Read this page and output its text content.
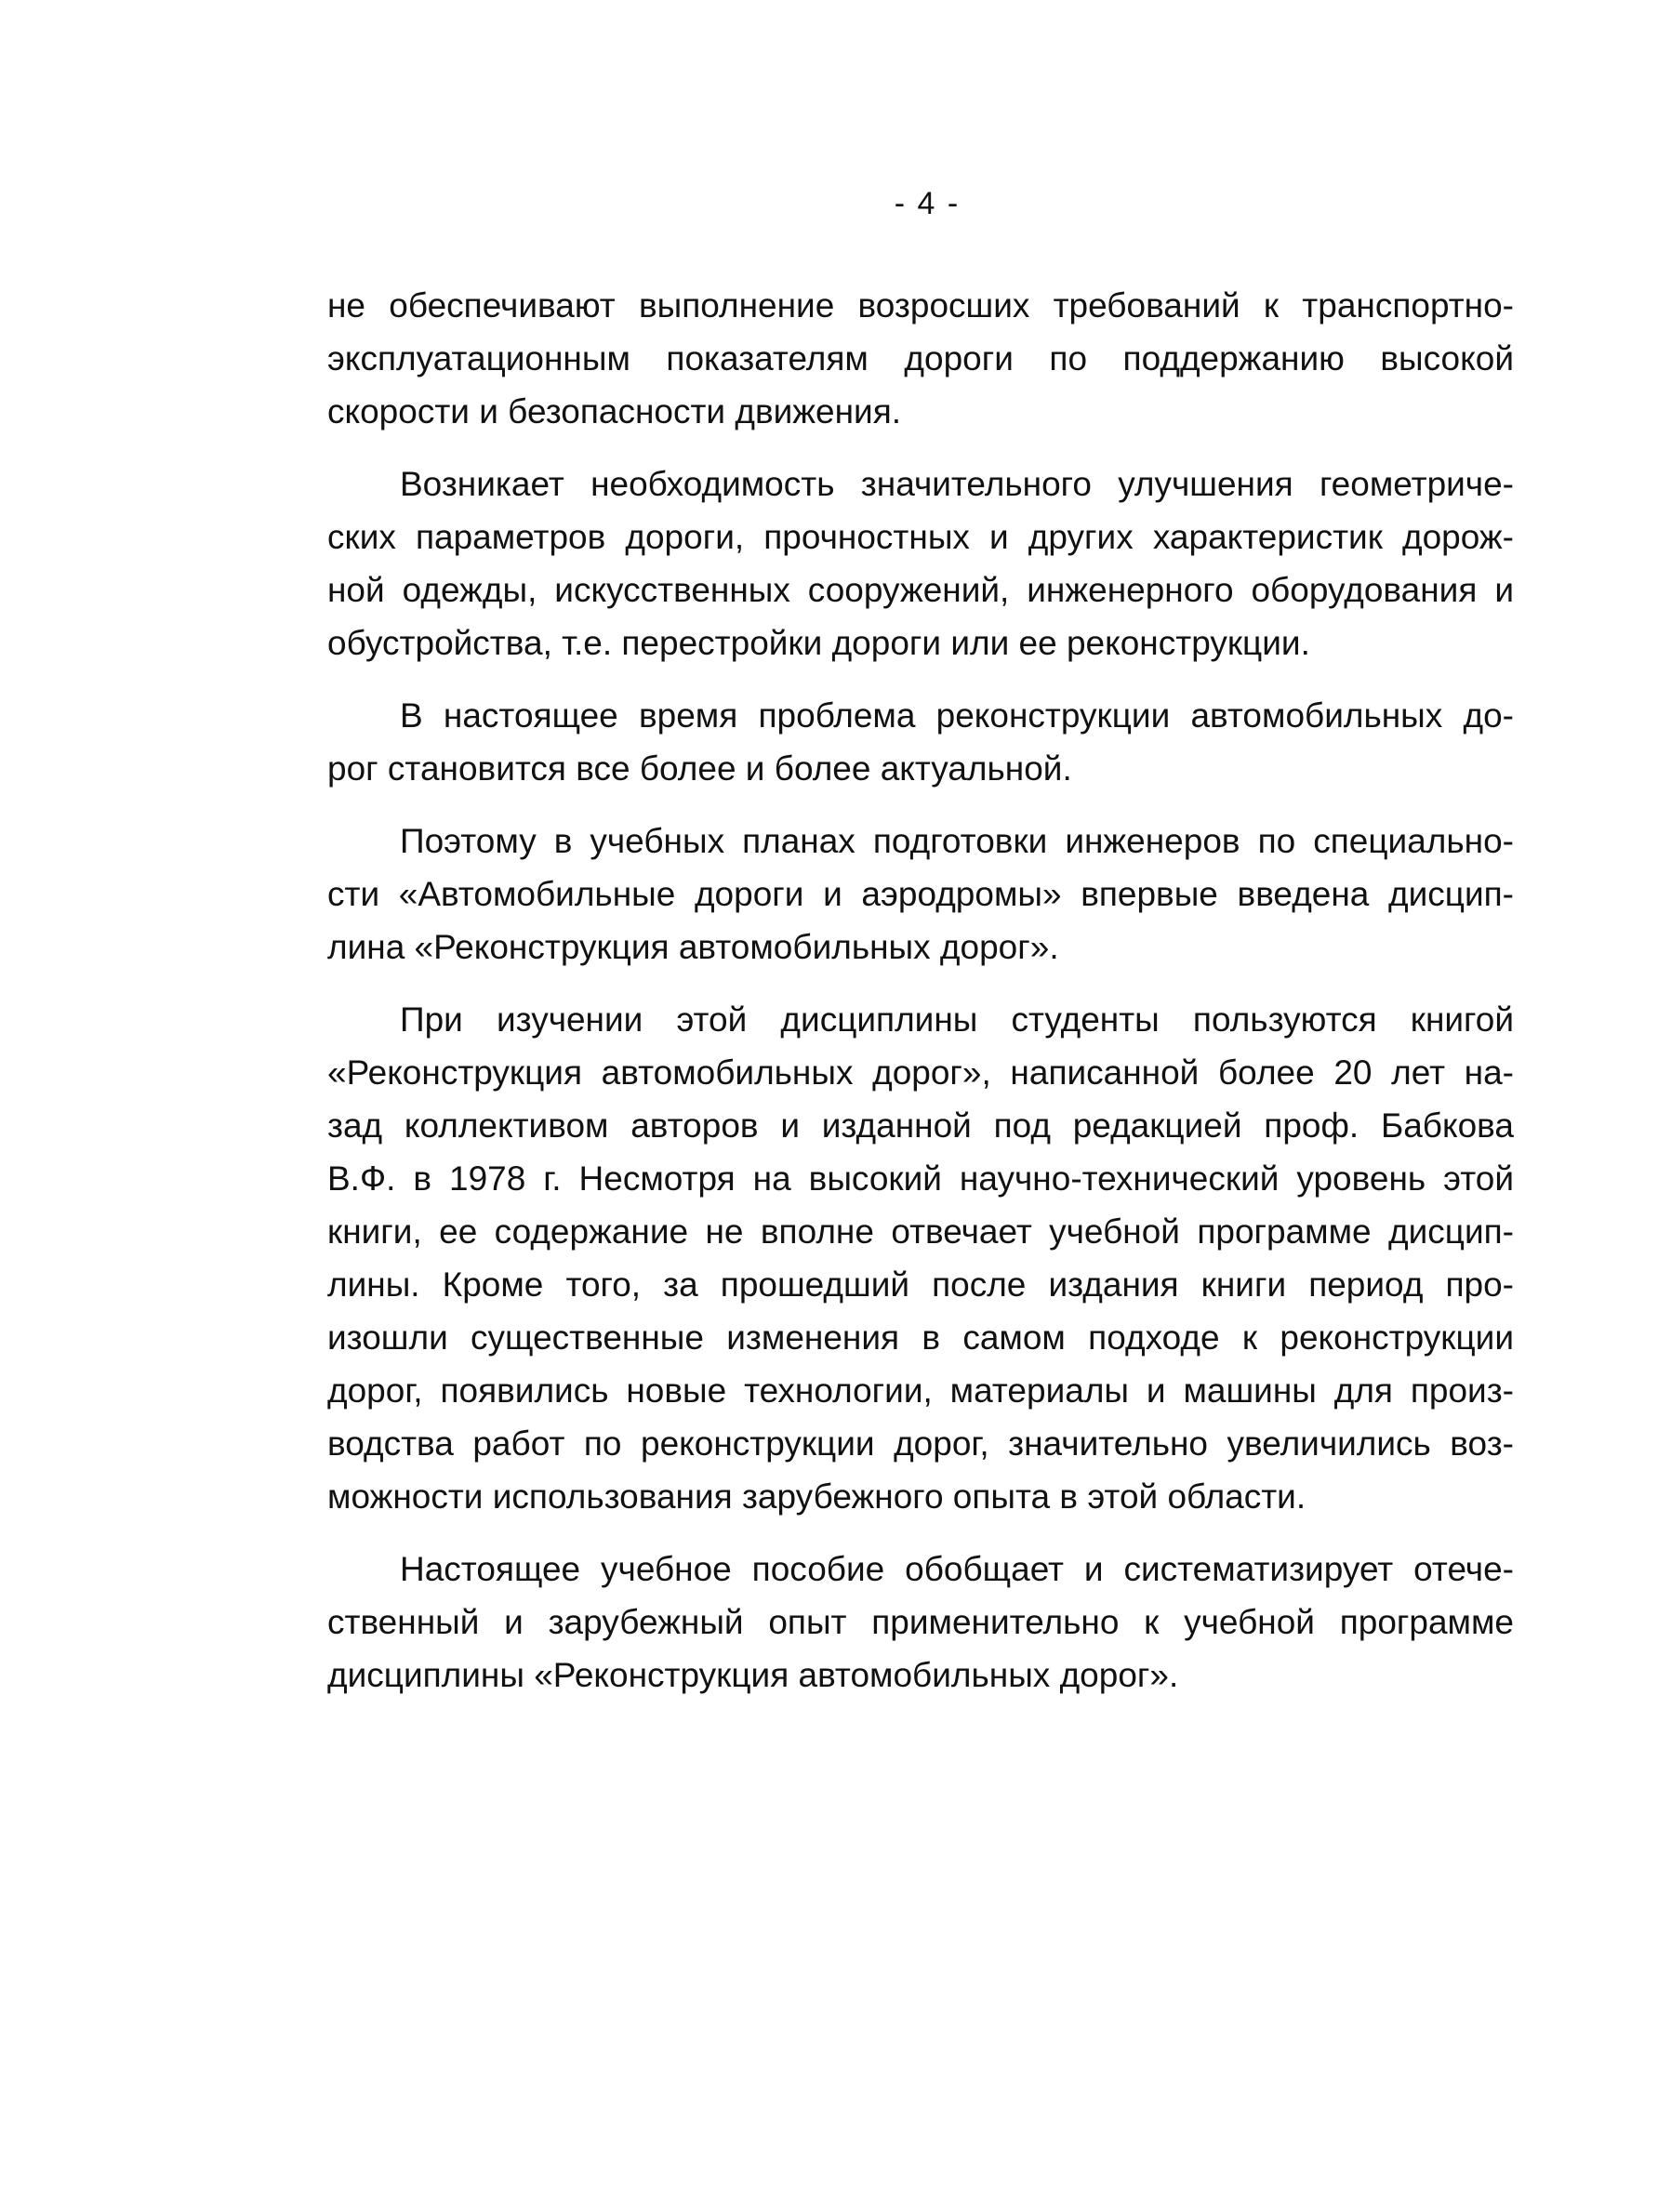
- 4 -
не обеспечивают выполнение возросших требований к транспортно-
эксплуатационным показателям дороги по поддержанию высокой
скорости и безопасности движения.
Возникает необходимость значительного улучшения геометриче-
ских параметров дороги, прочностных и других характеристик дорож-
ной одежды, искусственных сооружений, инженерного оборудования и
обустройства, т.е. перестройки дороги или ее реконструкции.
В настоящее время проблема реконструкции автомобильных до-
рог становится все более и более актуальной.
Поэтому в учебных планах подготовки инженеров по специально-
сти «Автомобильные дороги и аэродромы» впервые введена дисцип-
лина «Реконструкция автомобильных дорог».
При изучении этой дисциплины студенты пользуются книгой
«Реконструкция автомобильных дорог», написанной более 20 лет на-
зад коллективом авторов и изданной под редакцией проф. Бабкова
В.Ф. в 1978 г. Несмотря на высокий научно-технический уровень этой
книги, ее содержание не вполне отвечает учебной программе дисцип-
лины. Кроме того, за прошедший после издания книги период про-
изошли существенные изменения в самом подходе к реконструкции
дорог, появились новые технологии, материалы и машины для произ-
водства работ по реконструкции дорог, значительно увеличились воз-
можности использования зарубежного опыта в этой области.
Настоящее учебное пособие обобщает и систематизирует отече-
ственный и зарубежный опыт применительно к учебной программе
дисциплины «Реконструкция автомобильных дорог».
